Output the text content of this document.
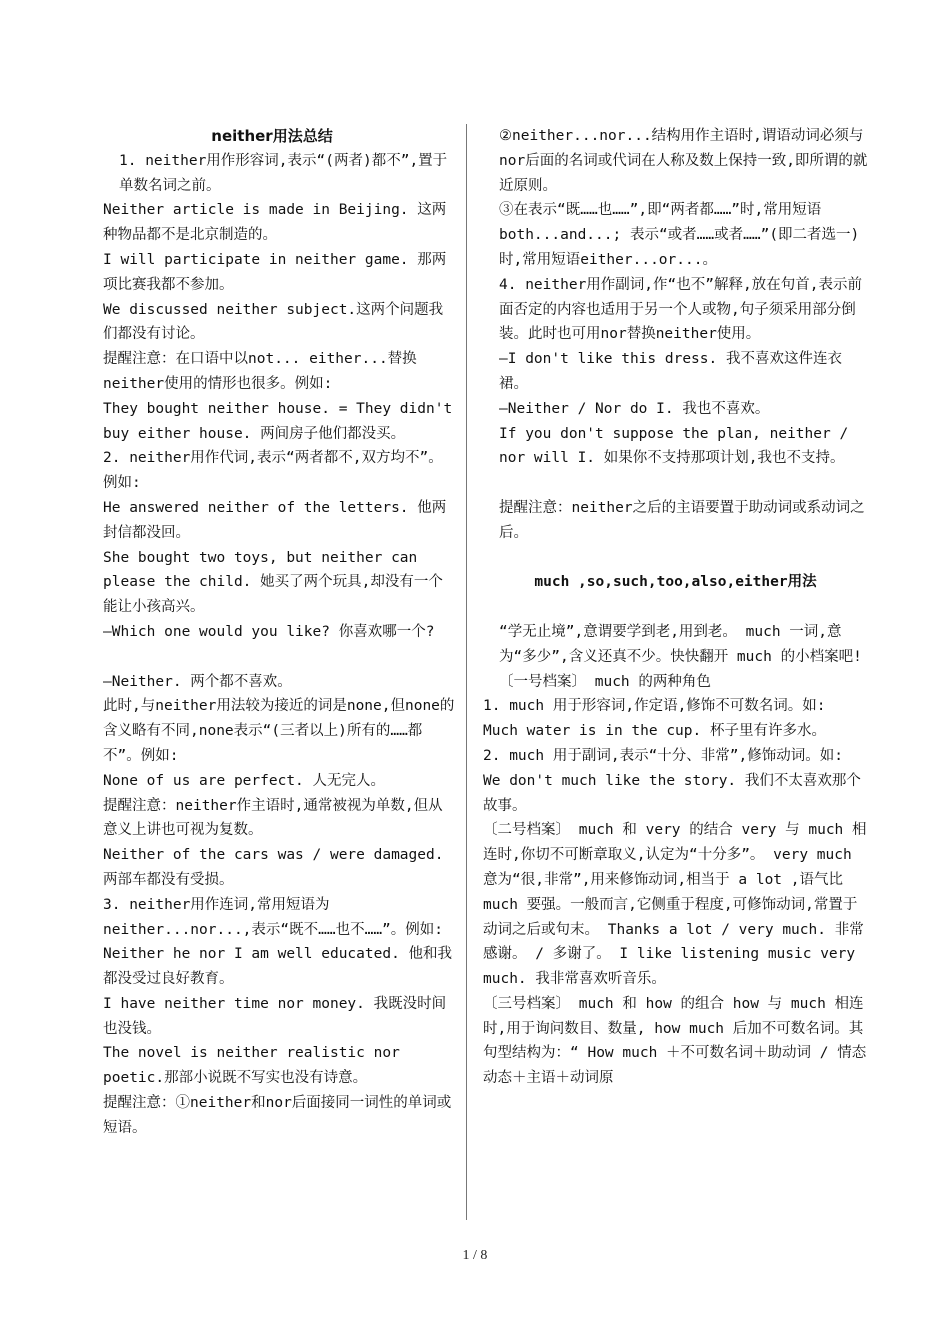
neither用法总结

1. neither用作形容词,表示“(两者)都不”,置于单数名词之前。

Neither article is made in Beijing. 这两种物品都不是北京制造的。

I will participate in neither game. 那两项比赛我都不参加。

We discussed neither subject.这两个问题我们都没有讨论。

提醒注意：在口语中以not... either...替换neither使用的情形也很多。例如:

They bought neither house. = They didn't buy either house. 两间房子他们都没买。

2. neither用作代词,表示“两者都不,双方均不”。例如:

He answered neither of the letters. 他两封信都没回。

She bought two toys, but neither can please the child. 她买了两个玩具,却没有一个能让小孩高兴。

—Which one would you like? 你喜欢哪一个?

—Neither. 两个都不喜欢。

此时,与neither用法较为接近的词是none,但none的含义略有不同,none表示“(三者以上)所有的……都不”。例如:

None of us are perfect. 人无完人。

提醒注意：neither作主语时,通常被视为单数,但从意义上讲也可视为复数。

Neither of the cars was / were damaged. 两部车都没有受损。

3. neither用作连词,常用短语为neither...nor...,表示“既不……也不……”。例如:

Neither he nor I am well educated. 他和我都没受过良好教育。

I have neither time nor money. 我既没时间也没钱。

The novel is neither realistic nor poetic.那部小说既不写实也没有诗意。

提醒注意：①neither和nor后面接同一词性的单词或短语。

②neither...nor...结构用作主语时,谓语动词必须与nor后面的名词或代词在人称及数上保持一致,即所谓的就近原则。

③在表示“既……也……”,即“两者都……”时,常用短语both...and...; 表示“或者……或者……”(即二者选一)时,常用短语either...or...。

4. neither用作副词,作“也不”解释,放在句首,表示前面否定的内容也适用于另一个人或物,句子须采用部分倒装。此时也可用nor替换neither使用。

—I don't like this dress. 我不喜欢这件连衣裙。

—Neither / Nor do I. 我也不喜欢。

If you don't suppose the plan, neither / nor will I. 如果你不支持那项计划,我也不支持。

提醒注意：neither之后的主语要置于助动词或系动词之后。

much ,so,such,too,also,either用法

“学无止境”,意谓要学到老,用到老。 much 一词,意为“多少”,含义还真不少。快快翻开 much 的小档案吧!

〔一号档案〕 much 的两种角色

1. much 用于形容词,作定语,修饰不可数名词。如: Much water is in the cup. 杯子里有许多水。

2. much 用于副词,表示“十分、非常”,修饰动词。如: We don't much like the story. 我们不太喜欢那个故事。

〔二号档案〕 much 和 very 的结合 very 与 much 相连时,你切不可断章取义,认定为“十分多”。 very much 意为“很,非常”,用来修饰动词,相当于 a lot ,语气比 much 要强。一般而言,它侧重于程度,可修饰动词,常置于动词之后或句末。 Thanks a lot / very much. 非常感谢。 / 多谢了。 I like listening music very much. 我非常喜欢听音乐。

〔三号档案〕 much 和 how 的组合 how 与 much 相连时,用于询问数目、数量, how much 后加不可数名词。其句型结构为：“ How much ＋不可数名词＋助动词 / 情态动态＋主语＋动词原

1 / 8
